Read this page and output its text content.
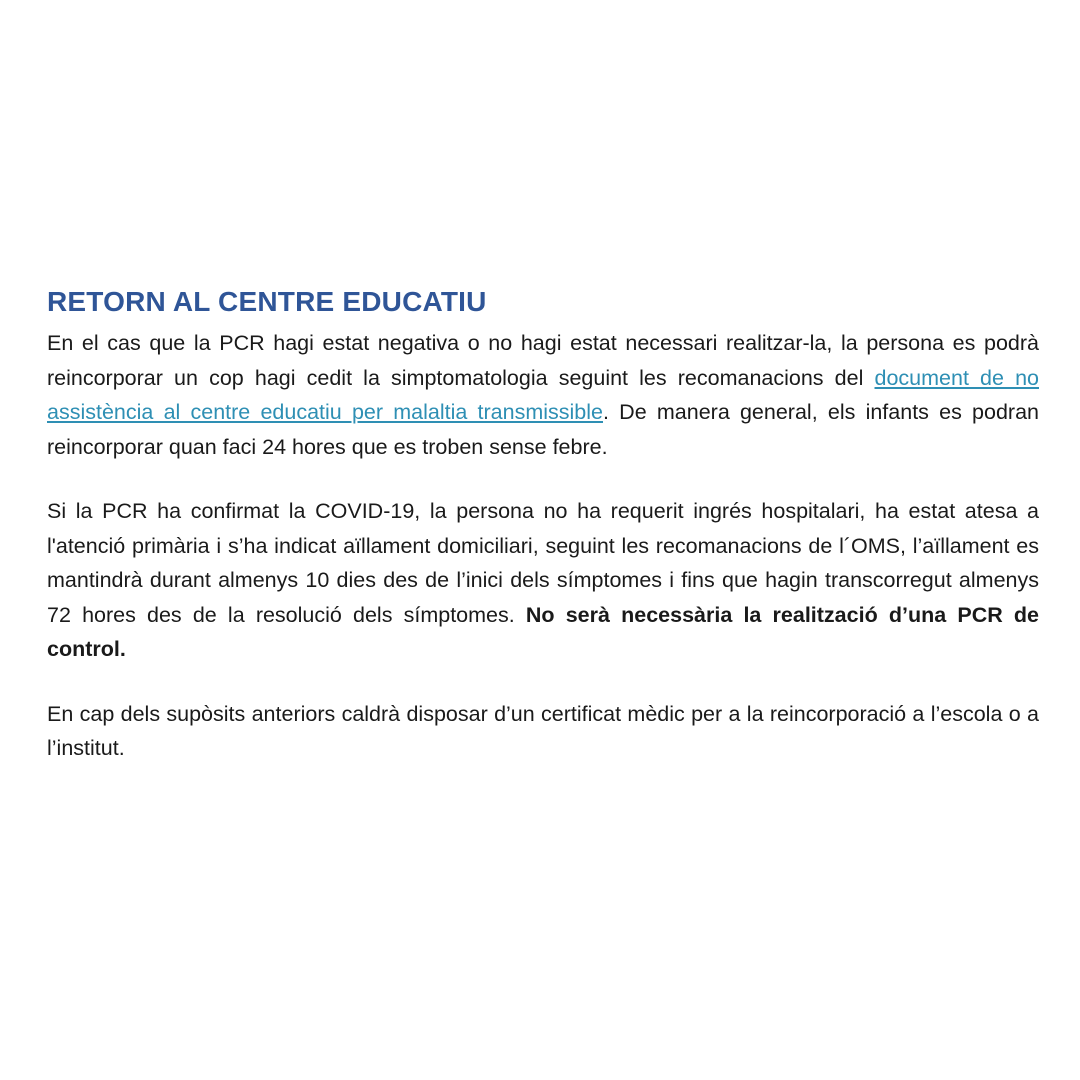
RETORN AL CENTRE EDUCATIU

En el cas que la PCR hagi estat negativa o no hagi estat necessari realitzar-la, la persona es podrà reincorporar un cop hagi cedit la simptomatologia seguint les recomanacions del document de no assistència al centre educatiu per malaltia transmissible. De manera general, els infants es podran reincorporar quan faci 24 hores que es troben sense febre.

Si la PCR ha confirmat la COVID-19, la persona no ha requerit ingrés hospitalari, ha estat atesa a l'atenció primària i s’ha indicat aïllament domiciliari, seguint les recomanacions de l´OMS, l’aïllament es mantindrà durant almenys 10 dies des de l’inici dels símptomes i fins que hagin transcorregut almenys 72 hores des de la resolució dels símptomes. No serà necessària la realització d’una PCR de control.

En cap dels supòsits anteriors caldrà disposar d’un certificat mèdic per a la reincorporació a l’escola o a l’institut.
